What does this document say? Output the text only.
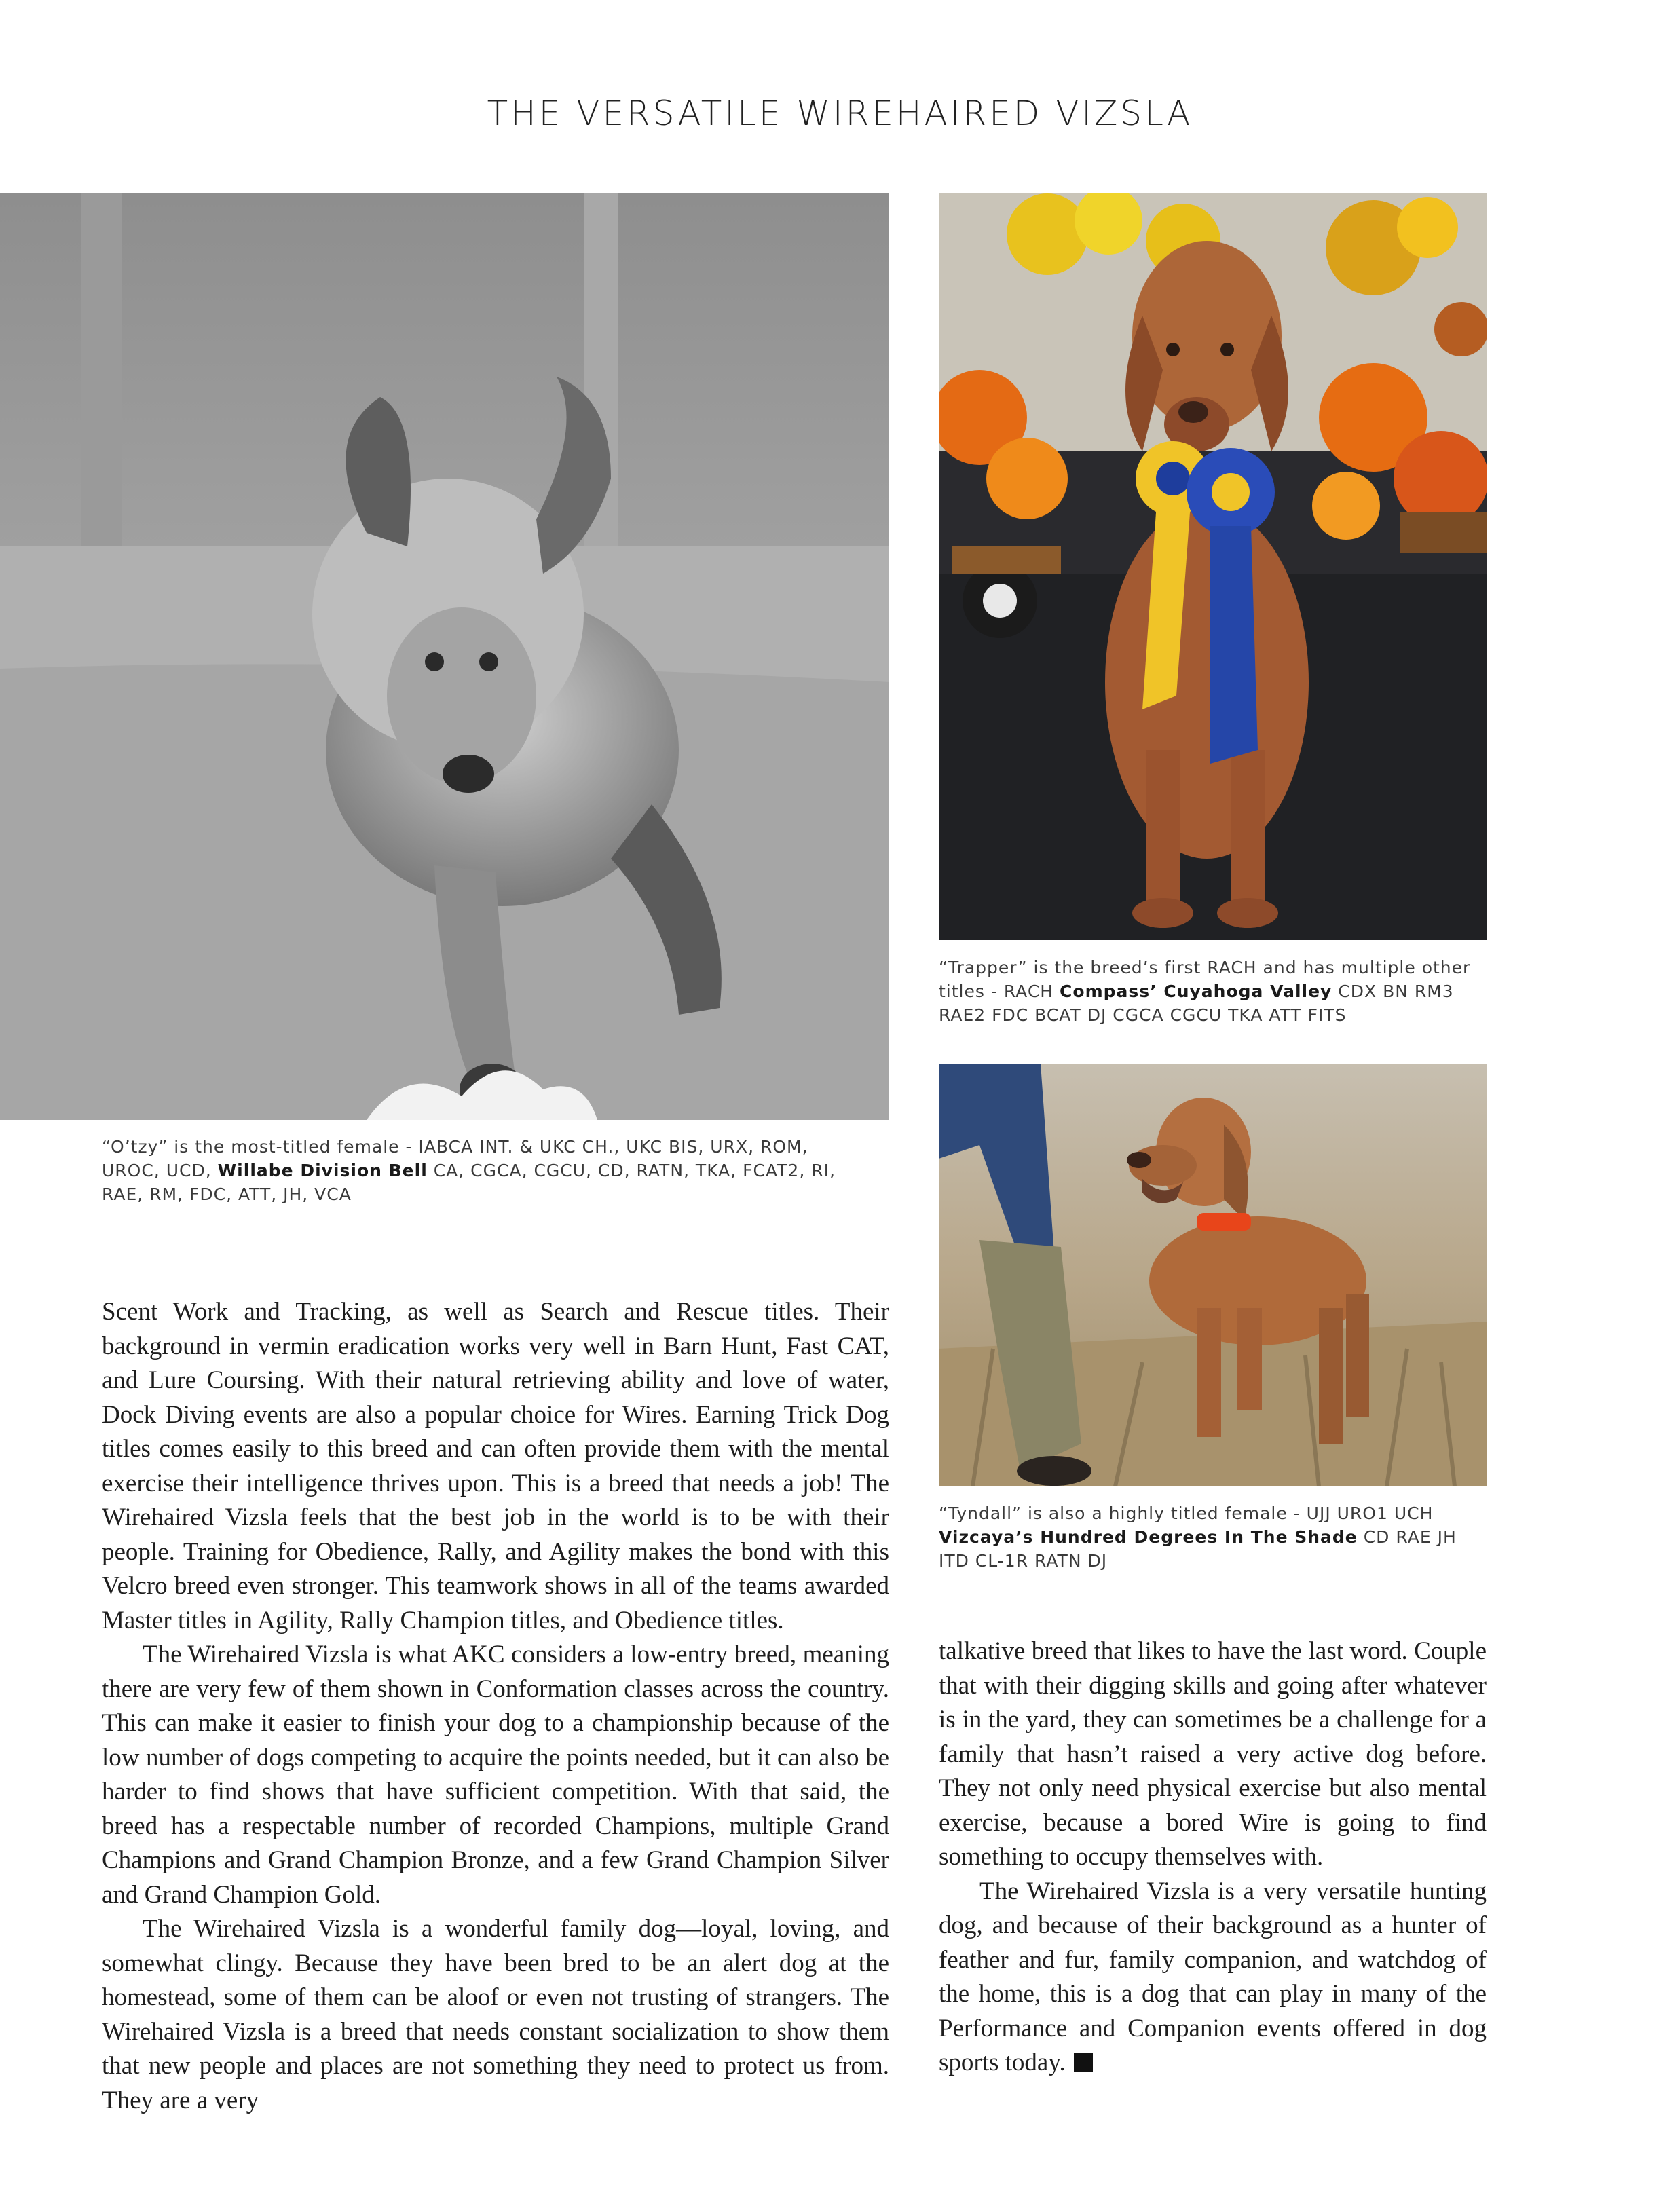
THE VERSATILE WIREHAIRED VIZSLA
“O’tzy” is the most-titled female - IABCA INT. & UKC CH., UKC BIS, URX, ROM, UROC, UCD, Willabe Division Bell CA, CGCA, CGCU, CD, RATN, TKA, FCAT2, RI, RAE, RM, FDC, ATT, JH, VCA
“Trapper” is the breed’s first RACH and has multiple other titles - RACH Compass’ Cuyahoga Valley CDX BN RM3 RAE2 FDC BCAT DJ CGCA CGCU TKA ATT FITS
“Tyndall” is also a highly titled female - UJJ URO1 UCH Vizcaya’s Hundred Degrees In The Shade CD RAE JH ITD CL-1R RATN DJ

Scent Work and Tracking, as well as Search and Rescue titles. Their background in vermin eradication works very well in Barn Hunt, Fast CAT, and Lure Coursing. With their natural retrieving ability and love of water, Dock Diving events are also a popular choice for Wires. Earning Trick Dog titles comes easily to this breed and can often provide them with the mental exercise their intelligence thrives upon. This is a breed that needs a job! The Wirehaired Vizsla feels that the best job in the world is to be with their people. Training for Obedience, Rally, and Agility makes the bond with this Velcro breed even stronger. This teamwork shows in all of the teams awarded Master titles in Agility, Rally Champion titles, and Obedience titles.

The Wirehaired Vizsla is what AKC considers a low-entry breed, meaning there are very few of them shown in Conformation classes across the country. This can make it easier to finish your dog to a championship because of the low number of dogs competing to acquire the points needed, but it can also be harder to find shows that have sufficient competition. With that said, the breed has a respectable number of recorded Champions, multiple Grand Champions and Grand Champion Bronze, and a few Grand Champion Silver and Grand Champion Gold.

The Wirehaired Vizsla is a wonderful family dog—loyal, loving, and somewhat clingy. Because they have been bred to be an alert dog at the homestead, some of them can be aloof or even not trusting of strangers. The Wirehaired Vizsla is a breed that needs constant socialization to show them that new people and places are not something they need to protect us from. They are a very

talkative breed that likes to have the last word. Couple that with their digging skills and going after whatever is in the yard, they can sometimes be a challenge for a family that hasn’t raised a very active dog before. They not only need physical exercise but also mental exercise, because a bored Wire is going to find something to occupy themselves with.

The Wirehaired Vizsla is a very versatile hunting dog, and because of their background as a hunter of feather and fur, family companion, and watchdog of the home, this is a dog that can play in many of the Performance and Companion events offered in dog sports today.
